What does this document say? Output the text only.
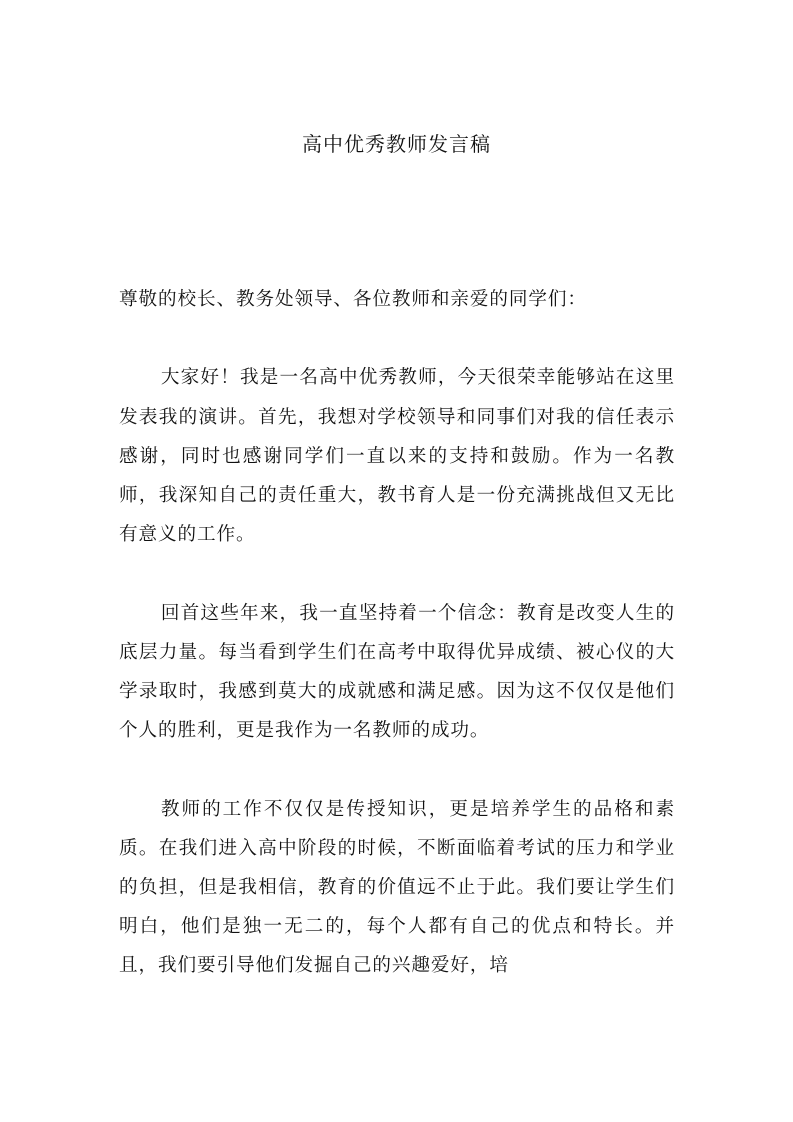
高中优秀教师发言稿

尊敬的校长、教务处领导、各位教师和亲爱的同学们：

大家好！我是一名高中优秀教师，今天很荣幸能够站在这里发表我的演讲。首先，我想对学校领导和同事们对我的信任表示感谢，同时也感谢同学们一直以来的支持和鼓励。作为一名教师，我深知自己的责任重大，教书育人是一份充满挑战但又无比有意义的工作。

回首这些年来，我一直坚持着一个信念：教育是改变人生的底层力量。每当看到学生们在高考中取得优异成绩、被心仪的大学录取时，我感到莫大的成就感和满足感。因为这不仅仅是他们个人的胜利，更是我作为一名教师的成功。

教师的工作不仅仅是传授知识，更是培养学生的品格和素质。在我们进入高中阶段的时候，不断面临着考试的压力和学业的负担，但是我相信，教育的价值远不止于此。我们要让学生们明白，他们是独一无二的，每个人都有自己的优点和特长。并且，我们要引导他们发掘自己的兴趣爱好，培
